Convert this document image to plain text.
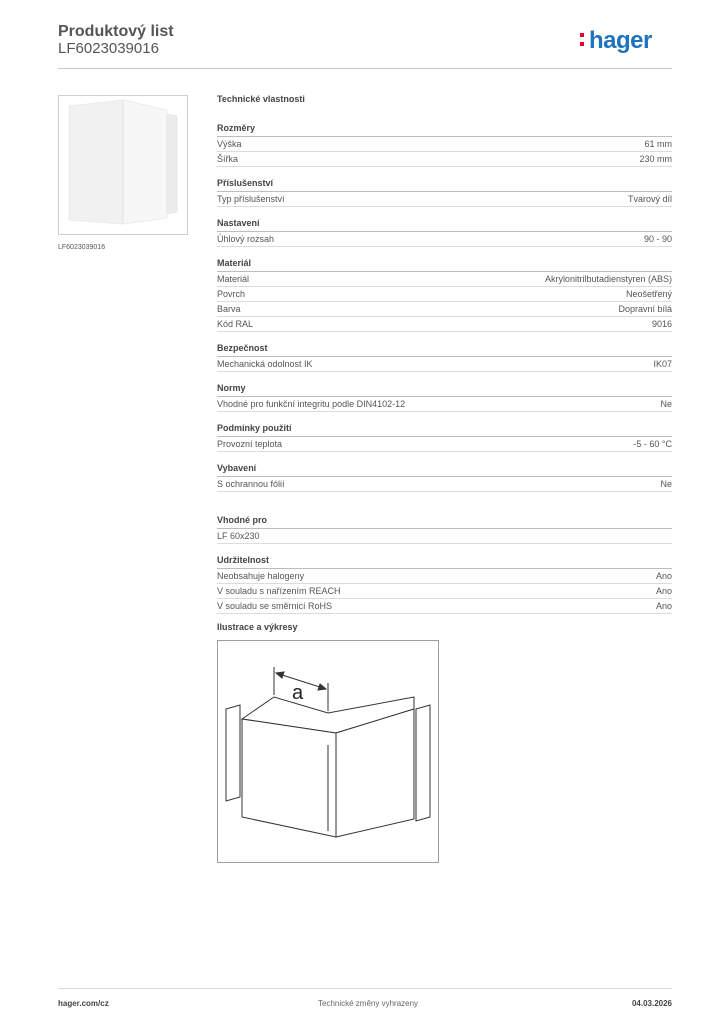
Produktový list
LF6023039016	hager
LF6023039016
Technické vlastnosti
Rozměry
Výška	61 mm
Šířka	230 mm
Příslušenství
Typ příslušenství	Tvarový díl
Nastavení
Úhlový rozsah	90 - 90
Materiál
Materiál	Akrylonitrilbutadienstyren (ABS)
Povrch	Neošetřený
Barva	Dopravní bílá
Kód RAL	9016
Bezpečnost
Mechanická odolnost IK	IK07
Normy
Vhodné pro funkční integritu podle DIN4102-12	Ne
Podmínky použití
Provozní teplota	-5 - 60 °C
Vybavení
S ochrannou fólií	Ne
Vhodné pro
LF 60x230
Udržitelnost
Neobsahuje halogeny	Ano
V souladu s nařízením REACH	Ano
V souladu se směrnicí RoHS	Ano
Ilustrace a výkresy
a
hager.com/cz	Technické změny vyhrazeny	04.03.2026
